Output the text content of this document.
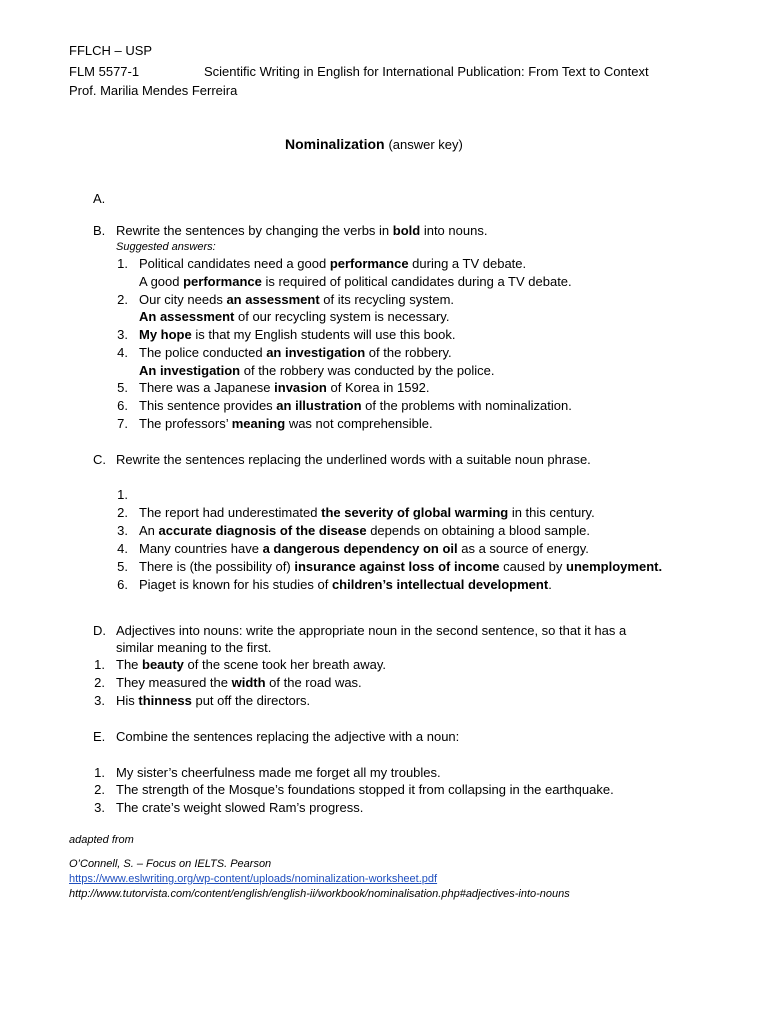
FFLCH – USP
FLM 5577-1	Scientific Writing in English for International Publication: From Text to Context
Prof. Marilia Mendes Ferreira
Nominalization (answer key)
A.
B. Rewrite the sentences by changing the verbs in bold into nouns.
Suggested answers:
1. Political candidates need a good performance during a TV debate.
A good performance is required of political candidates during a TV debate.
2. Our city needs an assessment of its recycling system.
An assessment of our recycling system is necessary.
3. My hope is that my English students will use this book.
4. The police conducted an investigation of the robbery.
An investigation of the robbery was conducted by the police.
5. There was a Japanese invasion of Korea in 1592.
6. This sentence provides an illustration of the problems with nominalization.
7. The professors’ meaning was not comprehensible.
C. Rewrite the sentences replacing the underlined words with a suitable noun phrase.
1.
2. The report had underestimated the severity of global warming in this century.
3. An accurate diagnosis of the disease depends on obtaining a blood sample.
4. Many countries have a dangerous dependency on oil as a source of energy.
5. There is (the possibility of) insurance against loss of income caused by unemployment.
6. Piaget is known for his studies of children’s intellectual development.
D. Adjectives into nouns: write the appropriate noun in the second sentence, so that it has a
similar meaning to the first.
1. The beauty of the scene took her breath away.
2. They measured the width of the road was.
3. His thinness put off the directors.
E. Combine the sentences replacing the adjective with a noun:
1. My sister’s cheerfulness made me forget all my troubles.
2. The strength of the Mosque’s foundations stopped it from collapsing in the earthquake.
3. The crate’s weight slowed Ram’s progress.
adapted from
O’Connell, S. – Focus on IELTS. Pearson
https://www.eslwriting.org/wp-content/uploads/nominalization-worksheet.pdf
http://www.tutorvista.com/content/english/english-ii/workbook/nominalisation.php#adjectives-into-nouns
